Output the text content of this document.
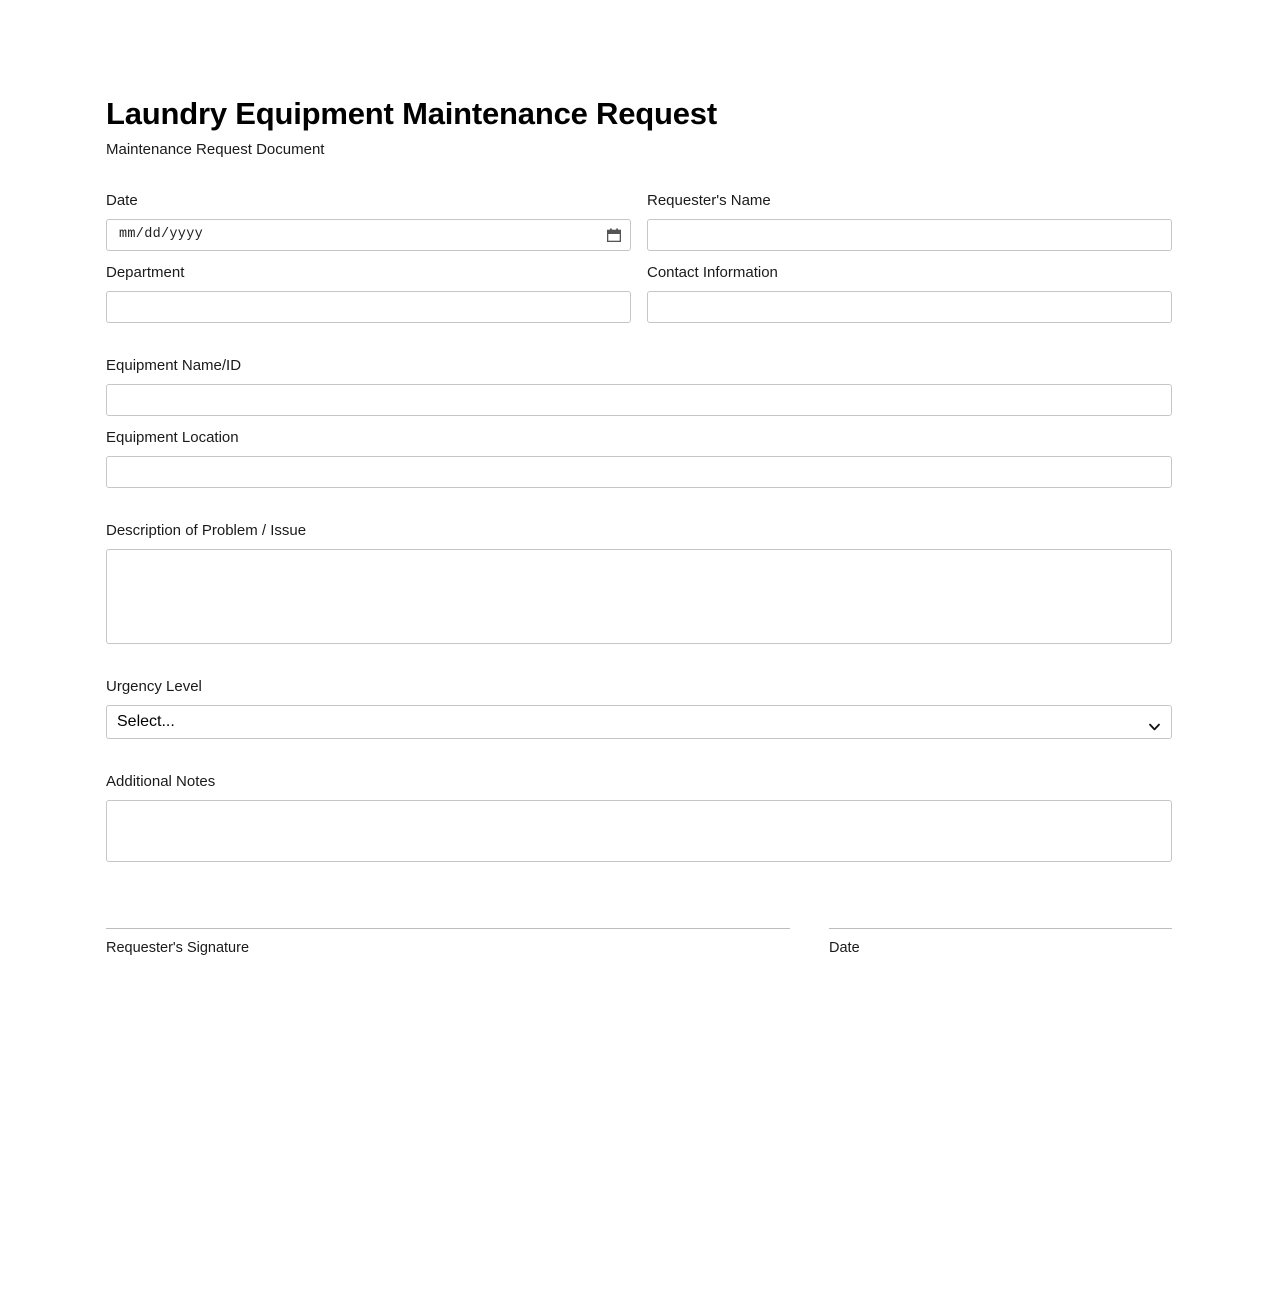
Laundry Equipment Maintenance Request
Maintenance Request Document
Date
mm/dd/yyyy
Requester's Name
Department	Contact Information
Equipment Name/ID
Equipment Location
Description of Problem / Issue
Urgency Level
Select...
Additional Notes
Requester's Signature	Date
